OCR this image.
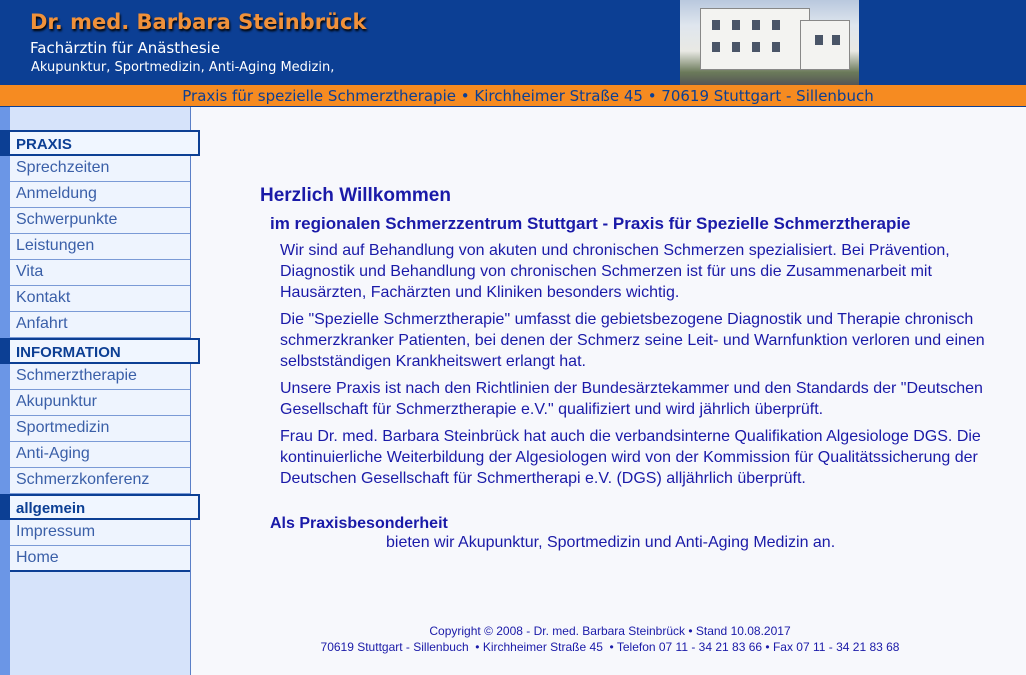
Dr. med. Barbara Steinbrück
Fachärztin für Anästhesie
Akupunktur, Sportmedizin, Anti-Aging Medizin,
Praxis für spezielle Schmerztherapie • Kirchheimer Straße 45 • 70619 Stuttgart - Sillenbuch
PRAXIS
Sprechzeiten
Anmeldung
Schwerpunkte
Leistungen
Vita
Kontakt
Anfahrt
INFORMATION
Schmerztherapie
Akupunktur
Sportmedizin
Anti-Aging
Schmerzkonferenz
allgemein
Impressum
Home
Herzlich Willkommen
im regionalen Schmerzzentrum Stuttgart - Praxis für Spezielle Schmerztherapie
Wir sind auf Behandlung von akuten und chronischen Schmerzen spezialisiert. Bei Prävention, Diagnostik und Behandlung von chronischen Schmerzen ist für uns die Zusammenarbeit mit Hausärzten, Fachärzten und Kliniken besonders wichtig.
Die "Spezielle Schmerztherapie" umfasst die gebietsbezogene Diagnostik und Therapie chronisch schmerzkranker Patienten, bei denen der Schmerz seine Leit- und Warnfunktion verloren und einen selbstständigen Krankheitswert erlangt hat.
Unsere Praxis ist nach den Richtlinien der Bundesärztekammer und den Standards der "Deutschen Gesellschaft für Schmerztherapie e.V." qualifiziert und wird jährlich überprüft.
Frau Dr. med. Barbara Steinbrück hat auch die verbandsinterne Qualifikation Algesiologe DGS. Die kontinuierliche Weiterbildung der Algesiologen wird von der Kommission für Qualitätssicherung der Deutschen Gesellschaft für Schmertherapi e.V. (DGS) alljährlich überprüft.
Als Praxisbesonderheit
bieten wir Akupunktur, Sportmedizin und Anti-Aging Medizin an.
Copyright © 2008 - Dr. med. Barbara Steinbrück • Stand 10.08.2017
70619 Stuttgart - Sillenbuch  • Kirchheimer Straße 45  • Telefon 07 11 - 34 21 83 66 • Fax 07 11 - 34 21 83 68
